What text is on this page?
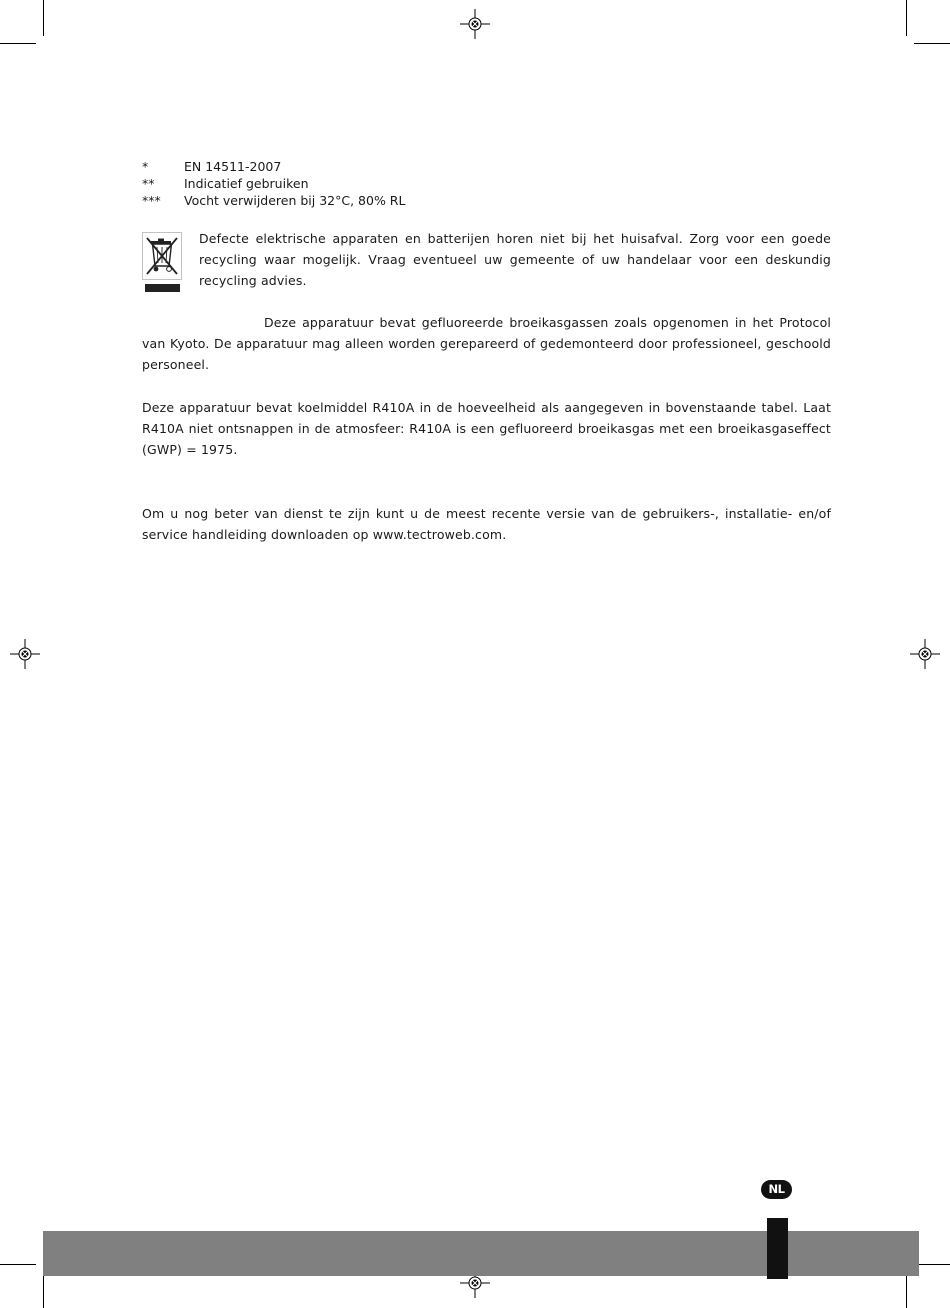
*	EN 14511-2007
**	Indicatief gebruiken
***	Vocht verwijderen bij 32°C, 80% RL
Defecte elektrische apparaten en batterijen horen niet bij het huisafval. Zorg voor een goede recycling waar mogelijk. Vraag eventueel uw gemeente of uw handelaar voor een deskundig recycling advies.
Deze apparatuur bevat gefluoreerde broeikasgassen zoals opgenomen in het Protocol van Kyoto. De apparatuur mag alleen worden gerepareerd of gedemonteerd door professioneel, geschoold personeel.
Deze apparatuur bevat koelmiddel R410A in de hoeveelheid als aangegeven in bovenstaande tabel. Laat R410A niet ontsnappen in de atmosfeer: R410A is een gefluoreerd broeikasgas met een broeikasgaseffect (GWP) = 1975.
Om u nog beter van dienst te zijn kunt u de meest recente versie van de gebruikers-, installatie- en/of service handleiding downloaden op www.tectroweb.com.
NL
